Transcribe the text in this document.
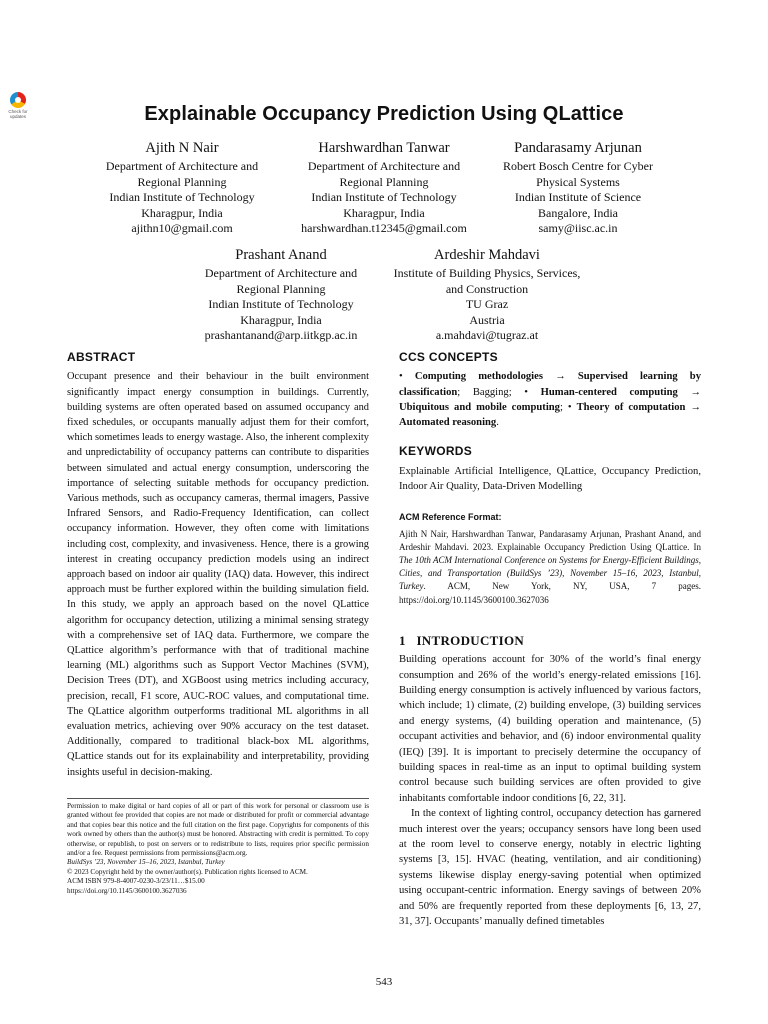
Check for updates	Explainable Occupancy Prediction Using QLattice
Ajith N Nair
Department of Architecture and
Regional Planning
Indian Institute of Technology
Kharagpur, India
ajithn10@gmail.com
Harshwardhan Tanwar
Department of Architecture and
Regional Planning
Indian Institute of Technology
Kharagpur, India
harshwardhan.t12345@gmail.com
Pandarasamy Arjunan
Robert Bosch Centre for Cyber
Physical Systems
Indian Institute of Science
Bangalore, India
samy@iisc.ac.in
Prashant Anand
Department of Architecture and
Regional Planning
Indian Institute of Technology
Kharagpur, India
prashantanand@arp.iitkgp.ac.in
Ardeshir Mahdavi
Institute of Building Physics, Services,
and Construction
TU Graz
Austria
a.mahdavi@tugraz.at
ABSTRACT

Occupant presence and their behaviour in the built environment significantly impact energy consumption in buildings. Currently, building systems are often operated based on assumed occupancy and fixed schedules, or occupants manually adjust them for their comfort, which sometimes leads to energy wastage. Also, the inherent complexity and unpredictability of occupancy patterns can contribute to disparities between simulated and actual energy consumption, underscoring the importance of selecting suitable methods for occupancy prediction. Various methods, such as occupancy cameras, thermal imagers, Passive Infrared Sensors, and Radio-Frequency Identification, can collect occupancy information. However, they often come with limitations including cost, complexity, and invasiveness. Hence, there is a growing interest in creating occupancy prediction models using an indirect approach based on indoor air quality (IAQ) data. However, this indirect approach must be further explored within the building simulation field. In this study, we apply an approach based on the novel QLattice algorithm for occupancy detection, utilizing a minimal sensing strategy with a comprehensive set of IAQ data. Furthermore, we compare the QLattice algorithm’s performance with that of traditional machine learning (ML) algorithms such as Support Vector Machines (SVM), Decision Trees (DT), and XGBoost using metrics including accuracy, precision, recall, F1 score, AUC-ROC values, and computational time. The QLattice algorithm outperforms traditional ML algorithms in all evaluation metrics, achieving over 90% accuracy on the test dataset. Additionally, compared to traditional black-box ML algorithms, QLattice stands out for its explainability and interpretability, providing insights useful in decision-making.

Permission to make digital or hard copies of all or part of this work for personal or classroom use is granted without fee provided that copies are not made or distributed for profit or commercial advantage and that copies bear this notice and the full citation on the first page. Copyrights for components of this work owned by others than the author(s) must be honored. Abstracting with credit is permitted. To copy otherwise, or republish, to post on servers or to redistribute to lists, requires prior specific permission and/or a fee. Request permissions from permissions@acm.org.

BuildSys ’23, November 15–16, 2023, Istanbul, Turkey

© 2023 Copyright held by the owner/author(s). Publication rights licensed to ACM.

ACM ISBN 979-8-4007-0230-3/23/11…$15.00

https://doi.org/10.1145/3600100.3627036

CCS CONCEPTS

• Computing methodologies → Supervised learning by classification; Bagging; • Human-centered computing → Ubiquitous and mobile computing; • Theory of computation → Automated reasoning.

KEYWORDS

Explainable Artificial Intelligence, QLattice, Occupancy Prediction, Indoor Air Quality, Data-Driven Modelling

ACM Reference Format:

Ajith N Nair, Harshwardhan Tanwar, Pandarasamy Arjunan, Prashant Anand, and Ardeshir Mahdavi. 2023. Explainable Occupancy Prediction Using QLattice. In The 10th ACM International Conference on Systems for Energy-Efficient Buildings, Cities, and Transportation (BuildSys ’23), November 15–16, 2023, Istanbul, Turkey. ACM, New York, NY, USA, 7 pages. https://doi.org/10.1145/3600100.3627036

1   INTRODUCTION

Building operations account for 30% of the world’s final energy consumption and 26% of the world’s energy-related emissions [16]. Building energy consumption is actively influenced by various factors, which include; 1) climate, (2) building envelope, (3) building services and energy systems, (4) building operation and maintenance, (5) occupant activities and behavior, and (6) indoor environmental quality (IEQ) [39]. It is important to precisely determine the occupancy of building spaces in real-time as an input to optimal building system control because such building services are often provided to give inhabitants comfortable indoor conditions [6, 22, 31].

In the context of lighting control, occupancy detection has garnered much interest over the years; occupancy sensors have long been used at the room level to conserve energy, notably in electric lighting systems [3, 15]. HVAC (heating, ventilation, and air conditioning) systems likewise display energy-saving potential when optimized using occupant-centric information. Energy savings of between 20% and 50% are frequently reported from these deployments [6, 13, 27, 31, 37]. Occupants’ manually defined timetables

543
